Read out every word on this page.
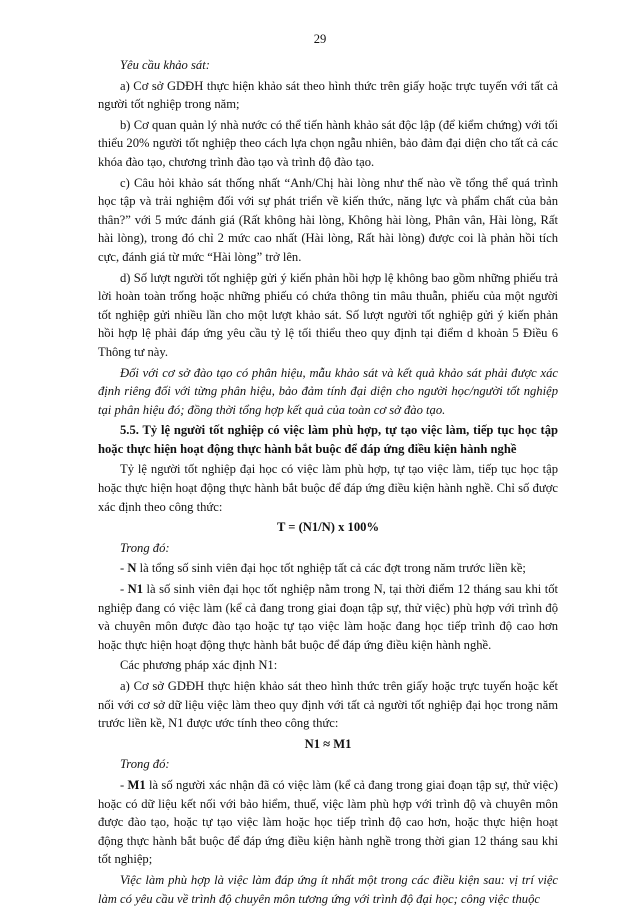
29

Yêu cầu khảo sát:

a) Cơ sở GDĐH thực hiện khảo sát theo hình thức trên giấy hoặc trực tuyến với tất cả người tốt nghiệp trong năm;

b) Cơ quan quản lý nhà nước có thể tiến hành khảo sát độc lập (để kiểm chứng) với tối thiểu 20% người tốt nghiệp theo cách lựa chọn ngẫu nhiên, bảo đảm đại diện cho tất cả các khóa đào tạo, chương trình đào tạo và trình độ đào tạo.

c) Câu hỏi khảo sát thống nhất “Anh/Chị hài lòng như thế nào về tổng thể quá trình học tập và trải nghiệm đối với sự phát triển về kiến thức, năng lực và phẩm chất của bản thân?” với 5 mức đánh giá (Rất không hài lòng, Không hài lòng, Phân vân, Hài lòng, Rất hài lòng), trong đó chỉ 2 mức cao nhất (Hài lòng, Rất hài lòng) được coi là phản hồi tích cực, đánh giá từ mức “Hài lòng” trở lên.

d) Số lượt người tốt nghiệp gửi ý kiến phản hồi hợp lệ không bao gồm những phiếu trả lời hoàn toàn trống hoặc những phiếu có chứa thông tin mâu thuẫn, phiếu của một người tốt nghiệp gửi nhiều lần cho một lượt khảo sát. Số lượt người tốt nghiệp gửi ý kiến phản hồi hợp lệ phải đáp ứng yêu cầu tỷ lệ tối thiểu theo quy định tại điểm d khoản 5 Điều 6 Thông tư này.

Đối với cơ sở đào tạo có phân hiệu, mẫu khảo sát và kết quả khảo sát phải được xác định riêng đối với từng phân hiệu, bảo đảm tính đại diện cho người học/người tốt nghiệp tại phân hiệu đó; đồng thời tổng hợp kết quả của toàn cơ sở đào tạo.

5.5. Tỷ lệ người tốt nghiệp có việc làm phù hợp, tự tạo việc làm, tiếp tục học tập hoặc thực hiện hoạt động thực hành bắt buộc để đáp ứng điều kiện hành nghề

Tỷ lệ người tốt nghiệp đại học có việc làm phù hợp, tự tạo việc làm, tiếp tục học tập hoặc thực hiện hoạt động thực hành bắt buộc để đáp ứng điều kiện hành nghề. Chỉ số được xác định theo công thức:

T = (N1/N) x 100%

Trong đó:

- N là tổng số sinh viên đại học tốt nghiệp tất cả các đợt trong năm trước liền kề;

- N1 là số sinh viên đại học tốt nghiệp nằm trong N, tại thời điểm 12 tháng sau khi tốt nghiệp đang có việc làm (kể cả đang trong giai đoạn tập sự, thử việc) phù hợp với trình độ và chuyên môn được đào tạo hoặc tự tạo việc làm hoặc đang học tiếp trình độ cao hơn hoặc thực hiện hoạt động thực hành bắt buộc để đáp ứng điều kiện hành nghề.

Các phương pháp xác định N1:

a) Cơ sở GDĐH thực hiện khảo sát theo hình thức trên giấy hoặc trực tuyến hoặc kết nối với cơ sở dữ liệu việc làm theo quy định với tất cả người tốt nghiệp đại học trong năm trước liền kề, N1 được ước tính theo công thức:

N1 ≈ M1

Trong đó:

- M1 là số người xác nhận đã có việc làm (kể cả đang trong giai đoạn tập sự, thử việc) hoặc có dữ liệu kết nối với bảo hiểm, thuế, việc làm phù hợp với trình độ và chuyên môn được đào tạo, hoặc tự tạo việc làm hoặc học tiếp trình độ cao hơn, hoặc thực hiện hoạt động thực hành bắt buộc để đáp ứng điều kiện hành nghề trong thời gian 12 tháng sau khi tốt nghiệp;

Việc làm phù hợp là việc làm đáp ứng ít nhất một trong các điều kiện sau: vị trí việc làm có yêu cầu về trình độ chuyên môn tương ứng với trình độ đại học; công việc thuộc
